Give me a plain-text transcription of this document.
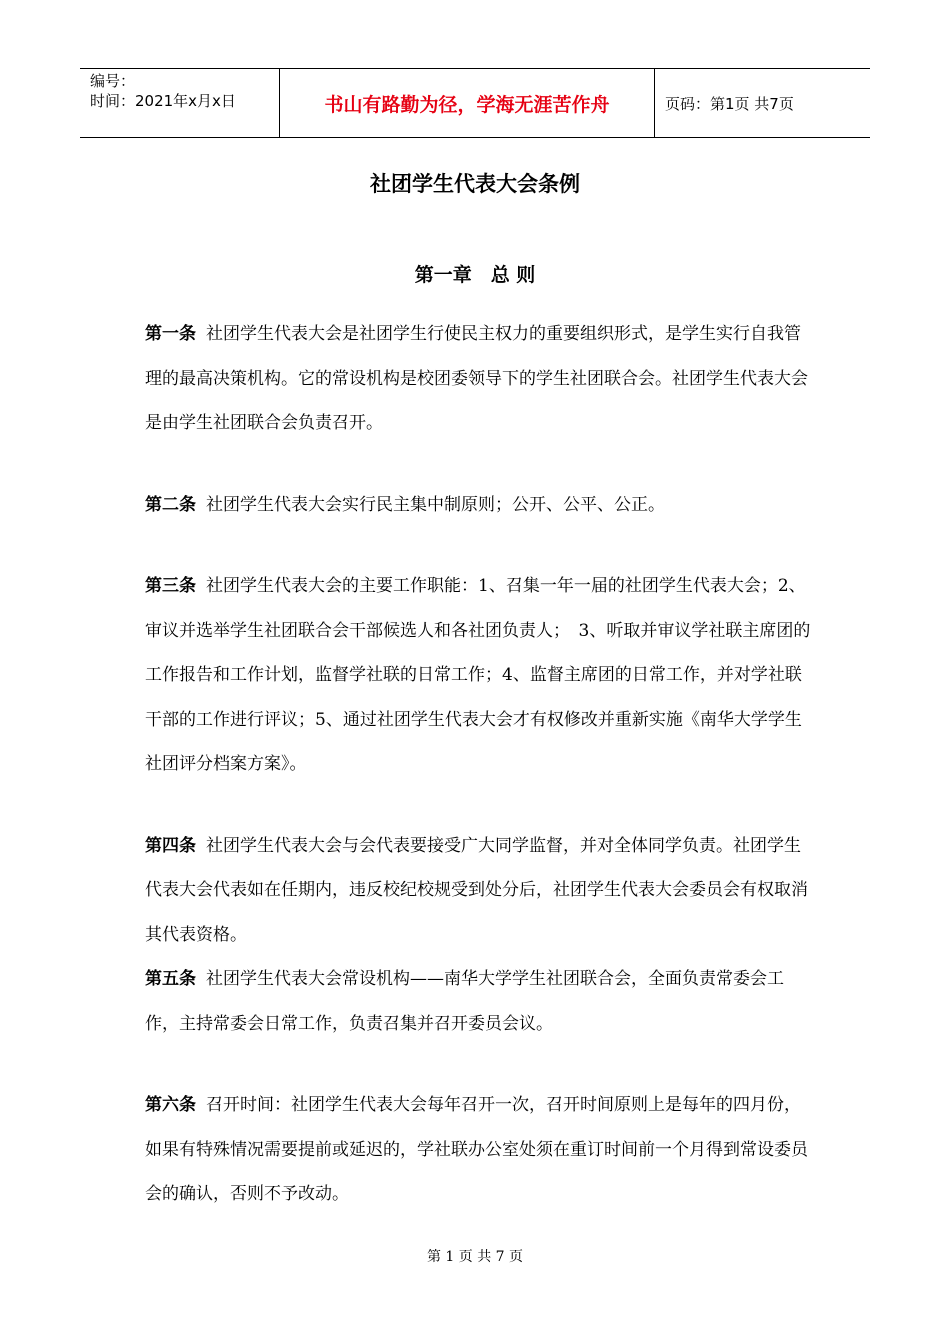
编号：
时间：2021年x月x日	书山有路勤为径，学海无涯苦作舟	页码：第1页 共7页
社团学生代表大会条例
第一章　总 则

第一条 社团学生代表大会是社团学生行使民主权力的重要组织形式，是学生实行自我管理的最高决策机构。它的常设机构是校团委领导下的学生社团联合会。社团学生代表大会是由学生社团联合会负责召开。

第二条 社团学生代表大会实行民主集中制原则；公开、公平、公正。

第三条 社团学生代表大会的主要工作职能：1、召集一年一届的社团学生代表大会；2、审议并选举学生社团联合会干部候选人和各社团负责人；　3、听取并审议学社联主席团的工作报告和工作计划，监督学社联的日常工作；4、监督主席团的日常工作，并对学社联干部的工作进行评议；5、通过社团学生代表大会才有权修改并重新实施《南华大学学生社团评分档案方案》。

第四条 社团学生代表大会与会代表要接受广大同学监督，并对全体同学负责。社团学生代表大会代表如在任期内，违反校纪校规受到处分后，社团学生代表大会委员会有权取消其代表资格。

第五条 社团学生代表大会常设机构——南华大学学生社团联合会，全面负责常委会工作，主持常委会日常工作，负责召集并召开委员会议。

第六条 召开时间：社团学生代表大会每年召开一次，召开时间原则上是每年的四月份，如果有特殊情况需要提前或延迟的，学社联办公室处须在重订时间前一个月得到常设委员会的确认，否则不予改动。

第 1 页 共 7 页
